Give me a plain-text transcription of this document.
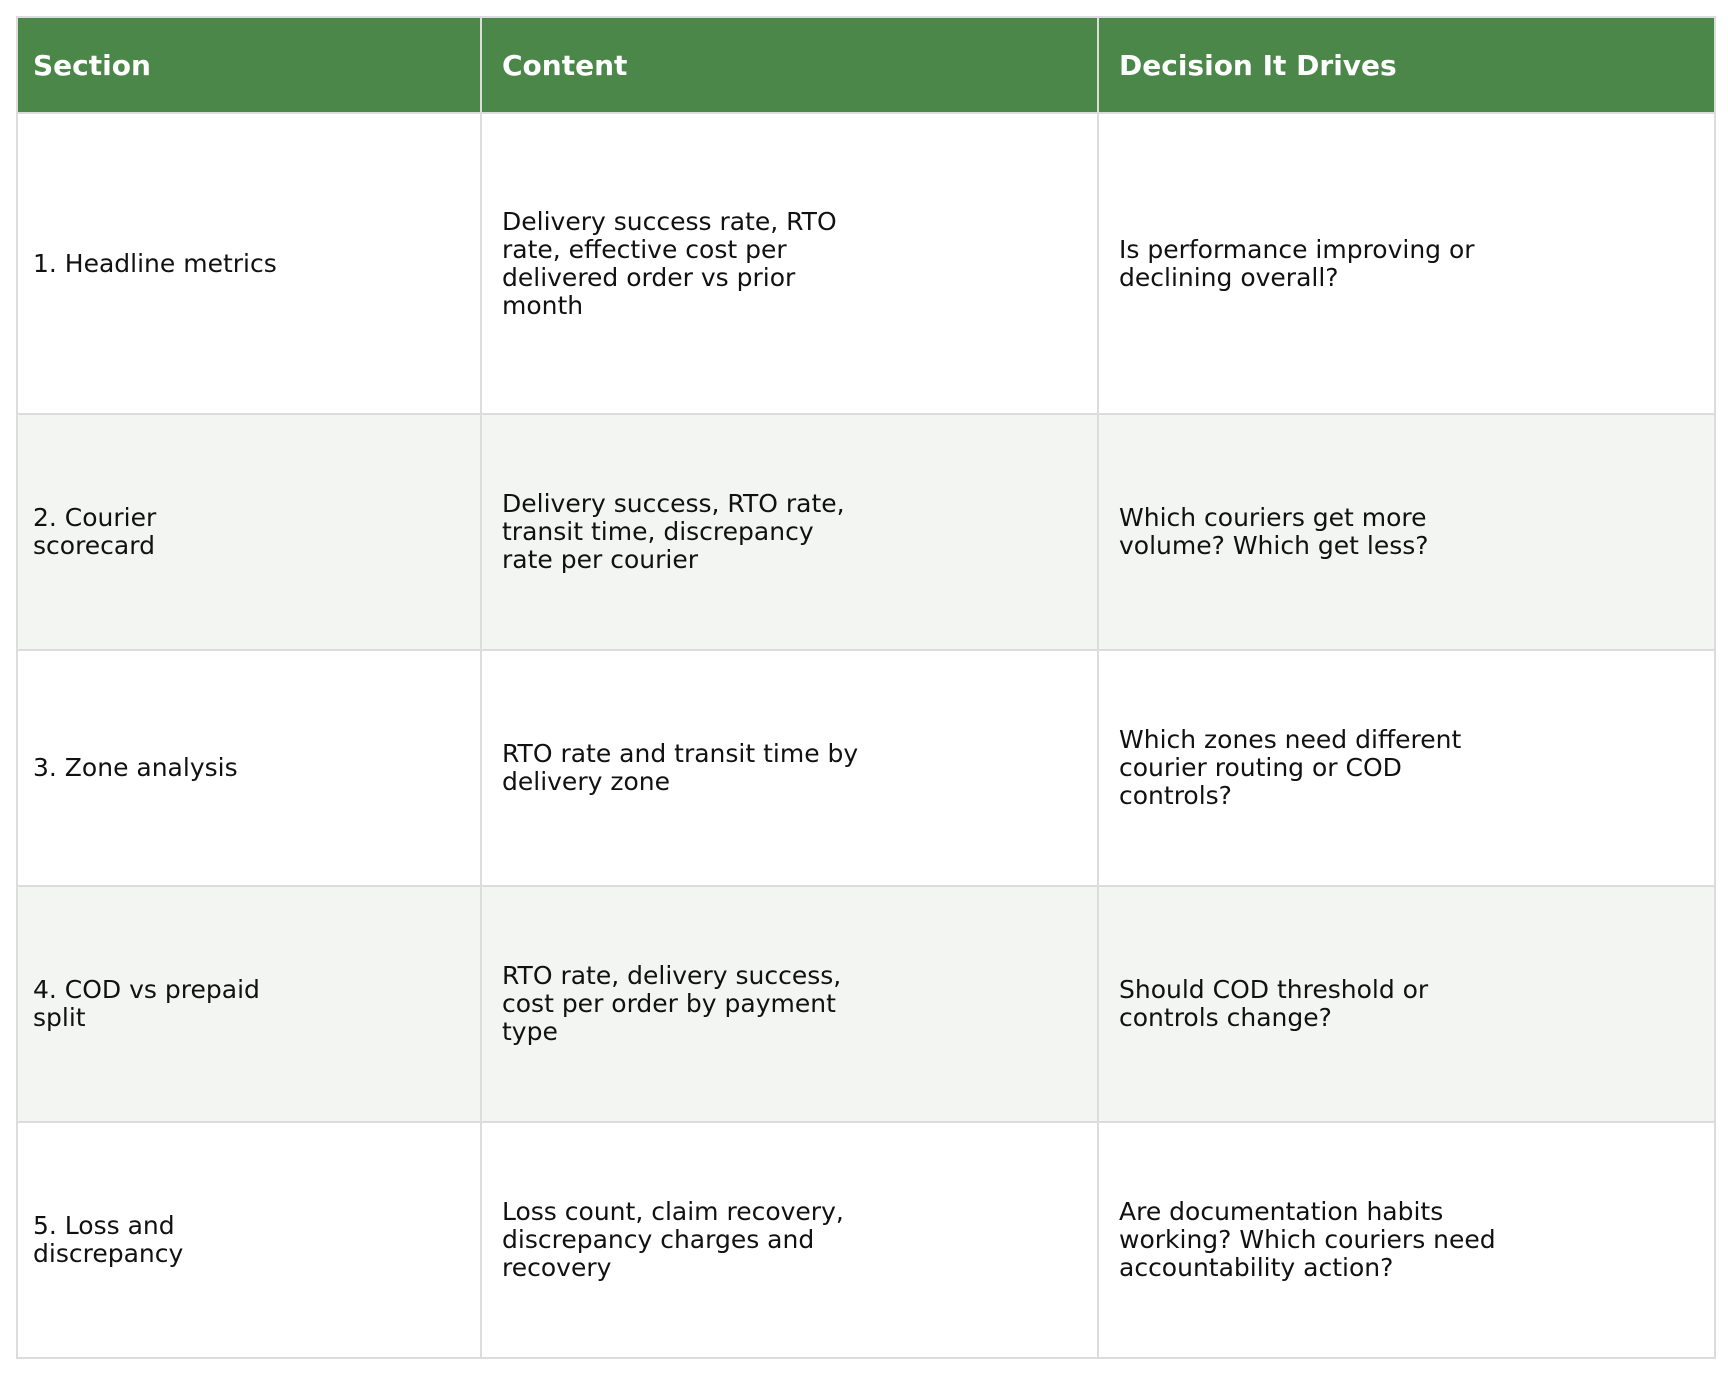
Section	Content	Decision It Drives

1. Headline metrics	Delivery success rate, RTO rate, effective cost per delivered order vs prior month	Is performance improving or declining overall?

2. Courier scorecard	Delivery success, RTO rate, transit time, discrepancy rate per courier	Which couriers get more volume? Which get less?

3. Zone analysis	RTO rate and transit time by delivery zone	Which zones need different courier routing or COD controls?

4. COD vs prepaid split	RTO rate, delivery success, cost per order by payment type	Should COD threshold or controls change?

5. Loss and discrepancy	Loss count, claim recovery, discrepancy charges and recovery	Are documentation habits working? Which couriers need accountability action?
